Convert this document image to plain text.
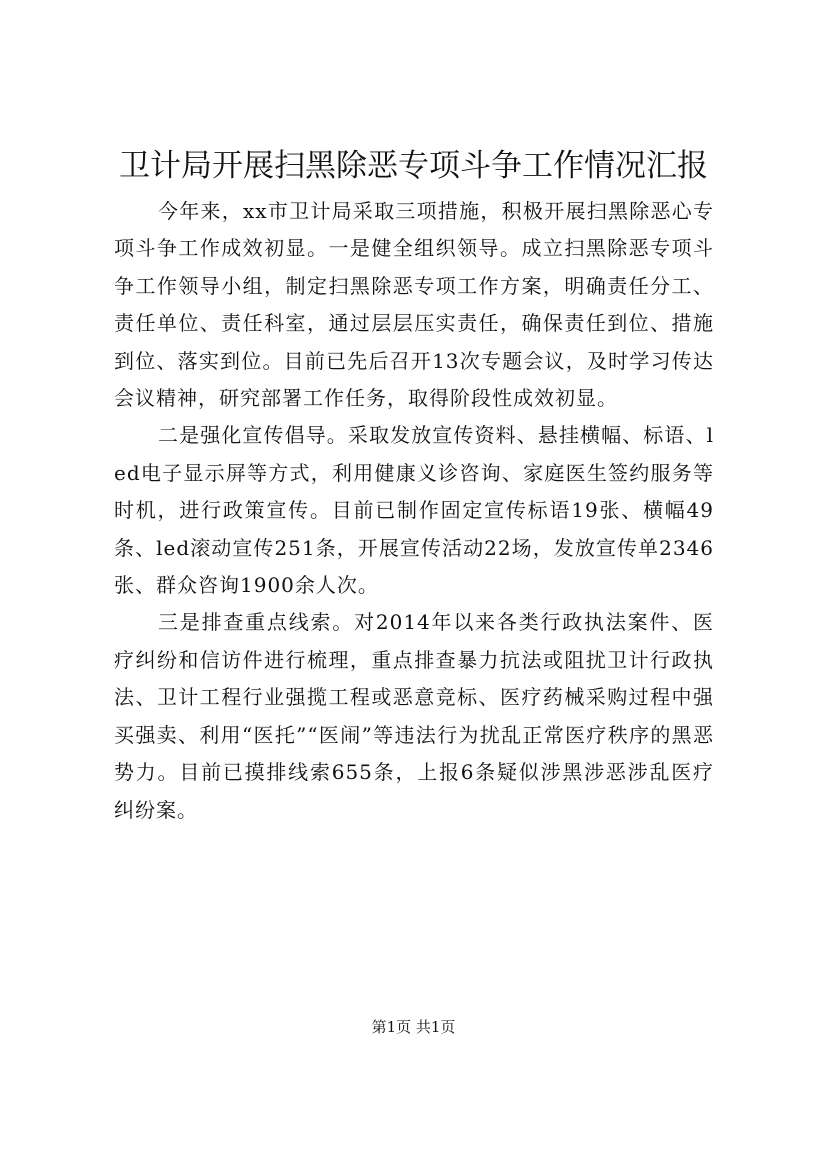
卫计局开展扫黑除恶专项斗争工作情况汇报

今年来，xx市卫计局采取三项措施，积极开展扫黑除恶心专项斗争工作成效初显。一是健全组织领导。成立扫黑除恶专项斗争工作领导小组，制定扫黑除恶专项工作方案，明确责任分工、责任单位、责任科室，通过层层压实责任，确保责任到位、措施到位、落实到位。目前已先后召开13次专题会议，及时学习传达会议精神，研究部署工作任务，取得阶段性成效初显。

二是强化宣传倡导。采取发放宣传资料、悬挂横幅、标语、led电子显示屏等方式，利用健康义诊咨询、家庭医生签约服务等时机，进行政策宣传。目前已制作固定宣传标语19张、横幅49条、led滚动宣传251条，开展宣传活动22场，发放宣传单2346张、群众咨询1900余人次。

三是排查重点线索。对2014年以来各类行政执法案件、医疗纠纷和信访件进行梳理，重点排查暴力抗法或阻扰卫计行政执法、卫计工程行业强揽工程或恶意竞标、医疗药械采购过程中强买强卖、利用“医托”“医闹”等违法行为扰乱正常医疗秩序的黑恶势力。目前已摸排线索655条，上报6条疑似涉黑涉恶涉乱医疗纠纷案。

第1页 共1页
